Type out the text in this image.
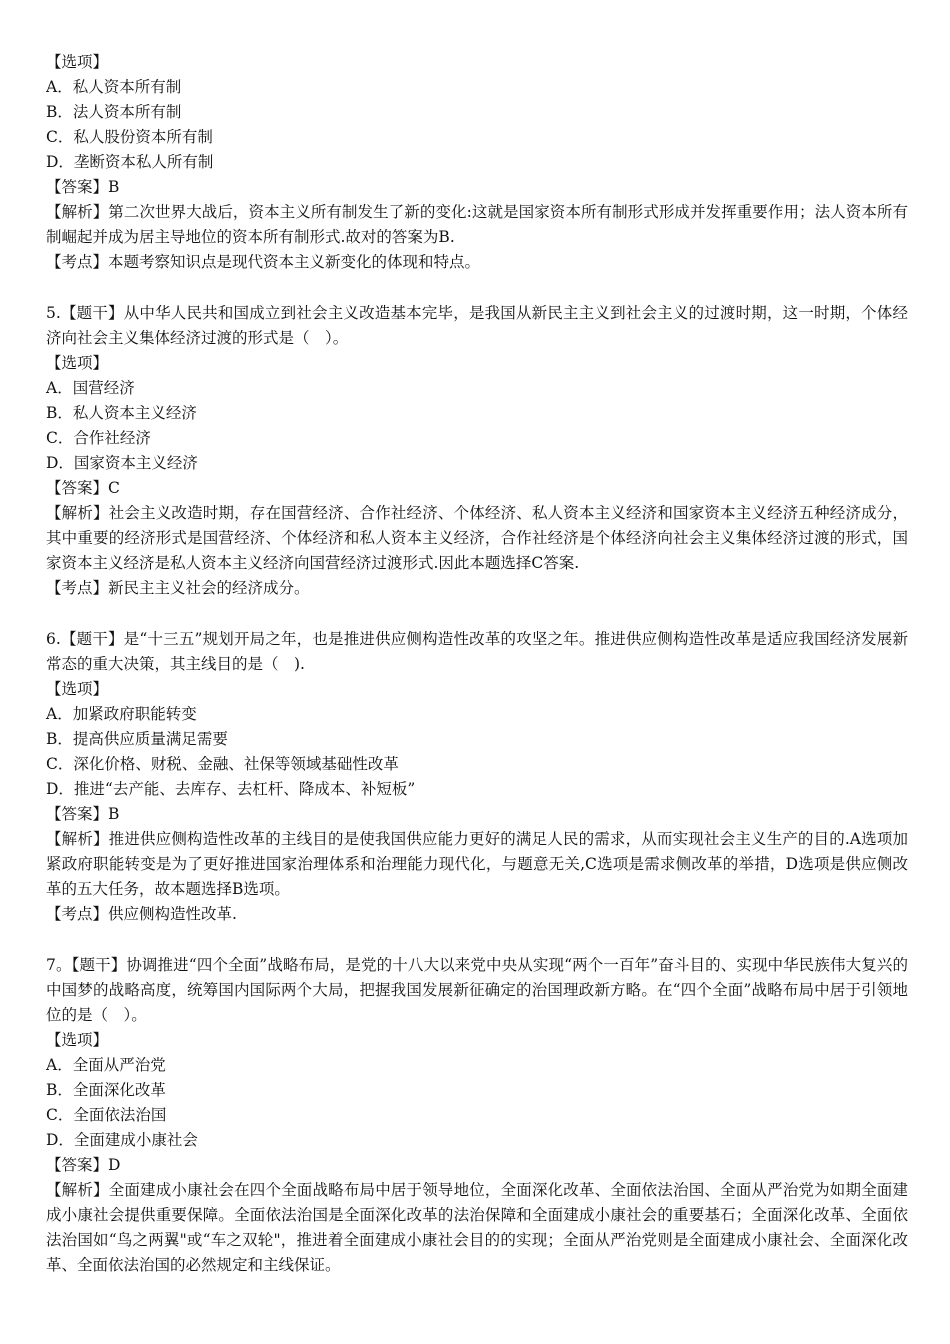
【选项】

A．私人资本所有制

B．法人资本所有制

C．私人股份资本所有制

D．垄断资本私人所有制

【答案】B

【解析】第二次世界大战后，资本主义所有制发生了新的变化:这就是国家资本所有制形式形成并发挥重要作用；法人资本所有制崛起并成为居主导地位的资本所有制形式.故对的答案为B.

【考点】本题考察知识点是现代资本主义新变化的体现和特点。

5.【题干】从中华人民共和国成立到社会主义改造基本完毕，是我国从新民主主义到社会主义的过渡时期，这一时期，个体经济向社会主义集体经济过渡的形式是（　）。

【选项】

A．国营经济

B．私人资本主义经济

C．合作社经济

D．国家资本主义经济

【答案】C

【解析】社会主义改造时期，存在国营经济、合作社经济、个体经济、私人资本主义经济和国家资本主义经济五种经济成分，其中重要的经济形式是国营经济、个体经济和私人资本主义经济，合作社经济是个体经济向社会主义集体经济过渡的形式，国家资本主义经济是私人资本主义经济向国营经济过渡形式.因此本题选择C答案.

【考点】新民主主义社会的经济成分。

6.【题干】是“十三五”规划开局之年，也是推进供应侧构造性改革的攻坚之年。推进供应侧构造性改革是适应我国经济发展新常态的重大决策，其主线目的是（　).

【选项】

A．加紧政府职能转变

B．提高供应质量满足需要

C．深化价格、财税、金融、社保等领域基础性改革

D．推进“去产能、去库存、去杠杆、降成本、补短板”

【答案】B

【解析】推进供应侧构造性改革的主线目的是使我国供应能力更好的满足人民的需求，从而实现社会主义生产的目的.A选项加紧政府职能转变是为了更好推进国家治理体系和治理能力现代化，与题意无关,C选项是需求侧改革的举措，D选项是供应侧改革的五大任务，故本题选择B选项。

【考点】供应侧构造性改革.

7。【题干】协调推进“四个全面”战略布局，是党的十八大以来党中央从实现“两个一百年”奋斗目的、实现中华民族伟大复兴的中国梦的战略高度，统筹国内国际两个大局，把握我国发展新征确定的治国理政新方略。在“四个全面”战略布局中居于引领地位的是（　）。

【选项】

A．全面从严治党

B．全面深化改革

C．全面依法治国

D．全面建成小康社会

【答案】D

【解析】全面建成小康社会在四个全面战略布局中居于领导地位，全面深化改革、全面依法治国、全面从严治党为如期全面建成小康社会提供重要保障。全面依法治国是全面深化改革的法治保障和全面建成小康社会的重要基石；全面深化改革、全面依法治国如“鸟之两翼"或“车之双轮"，推进着全面建成小康社会目的的实现；全面从严治党则是全面建成小康社会、全面深化改革、全面依法治国的必然规定和主线保证。
